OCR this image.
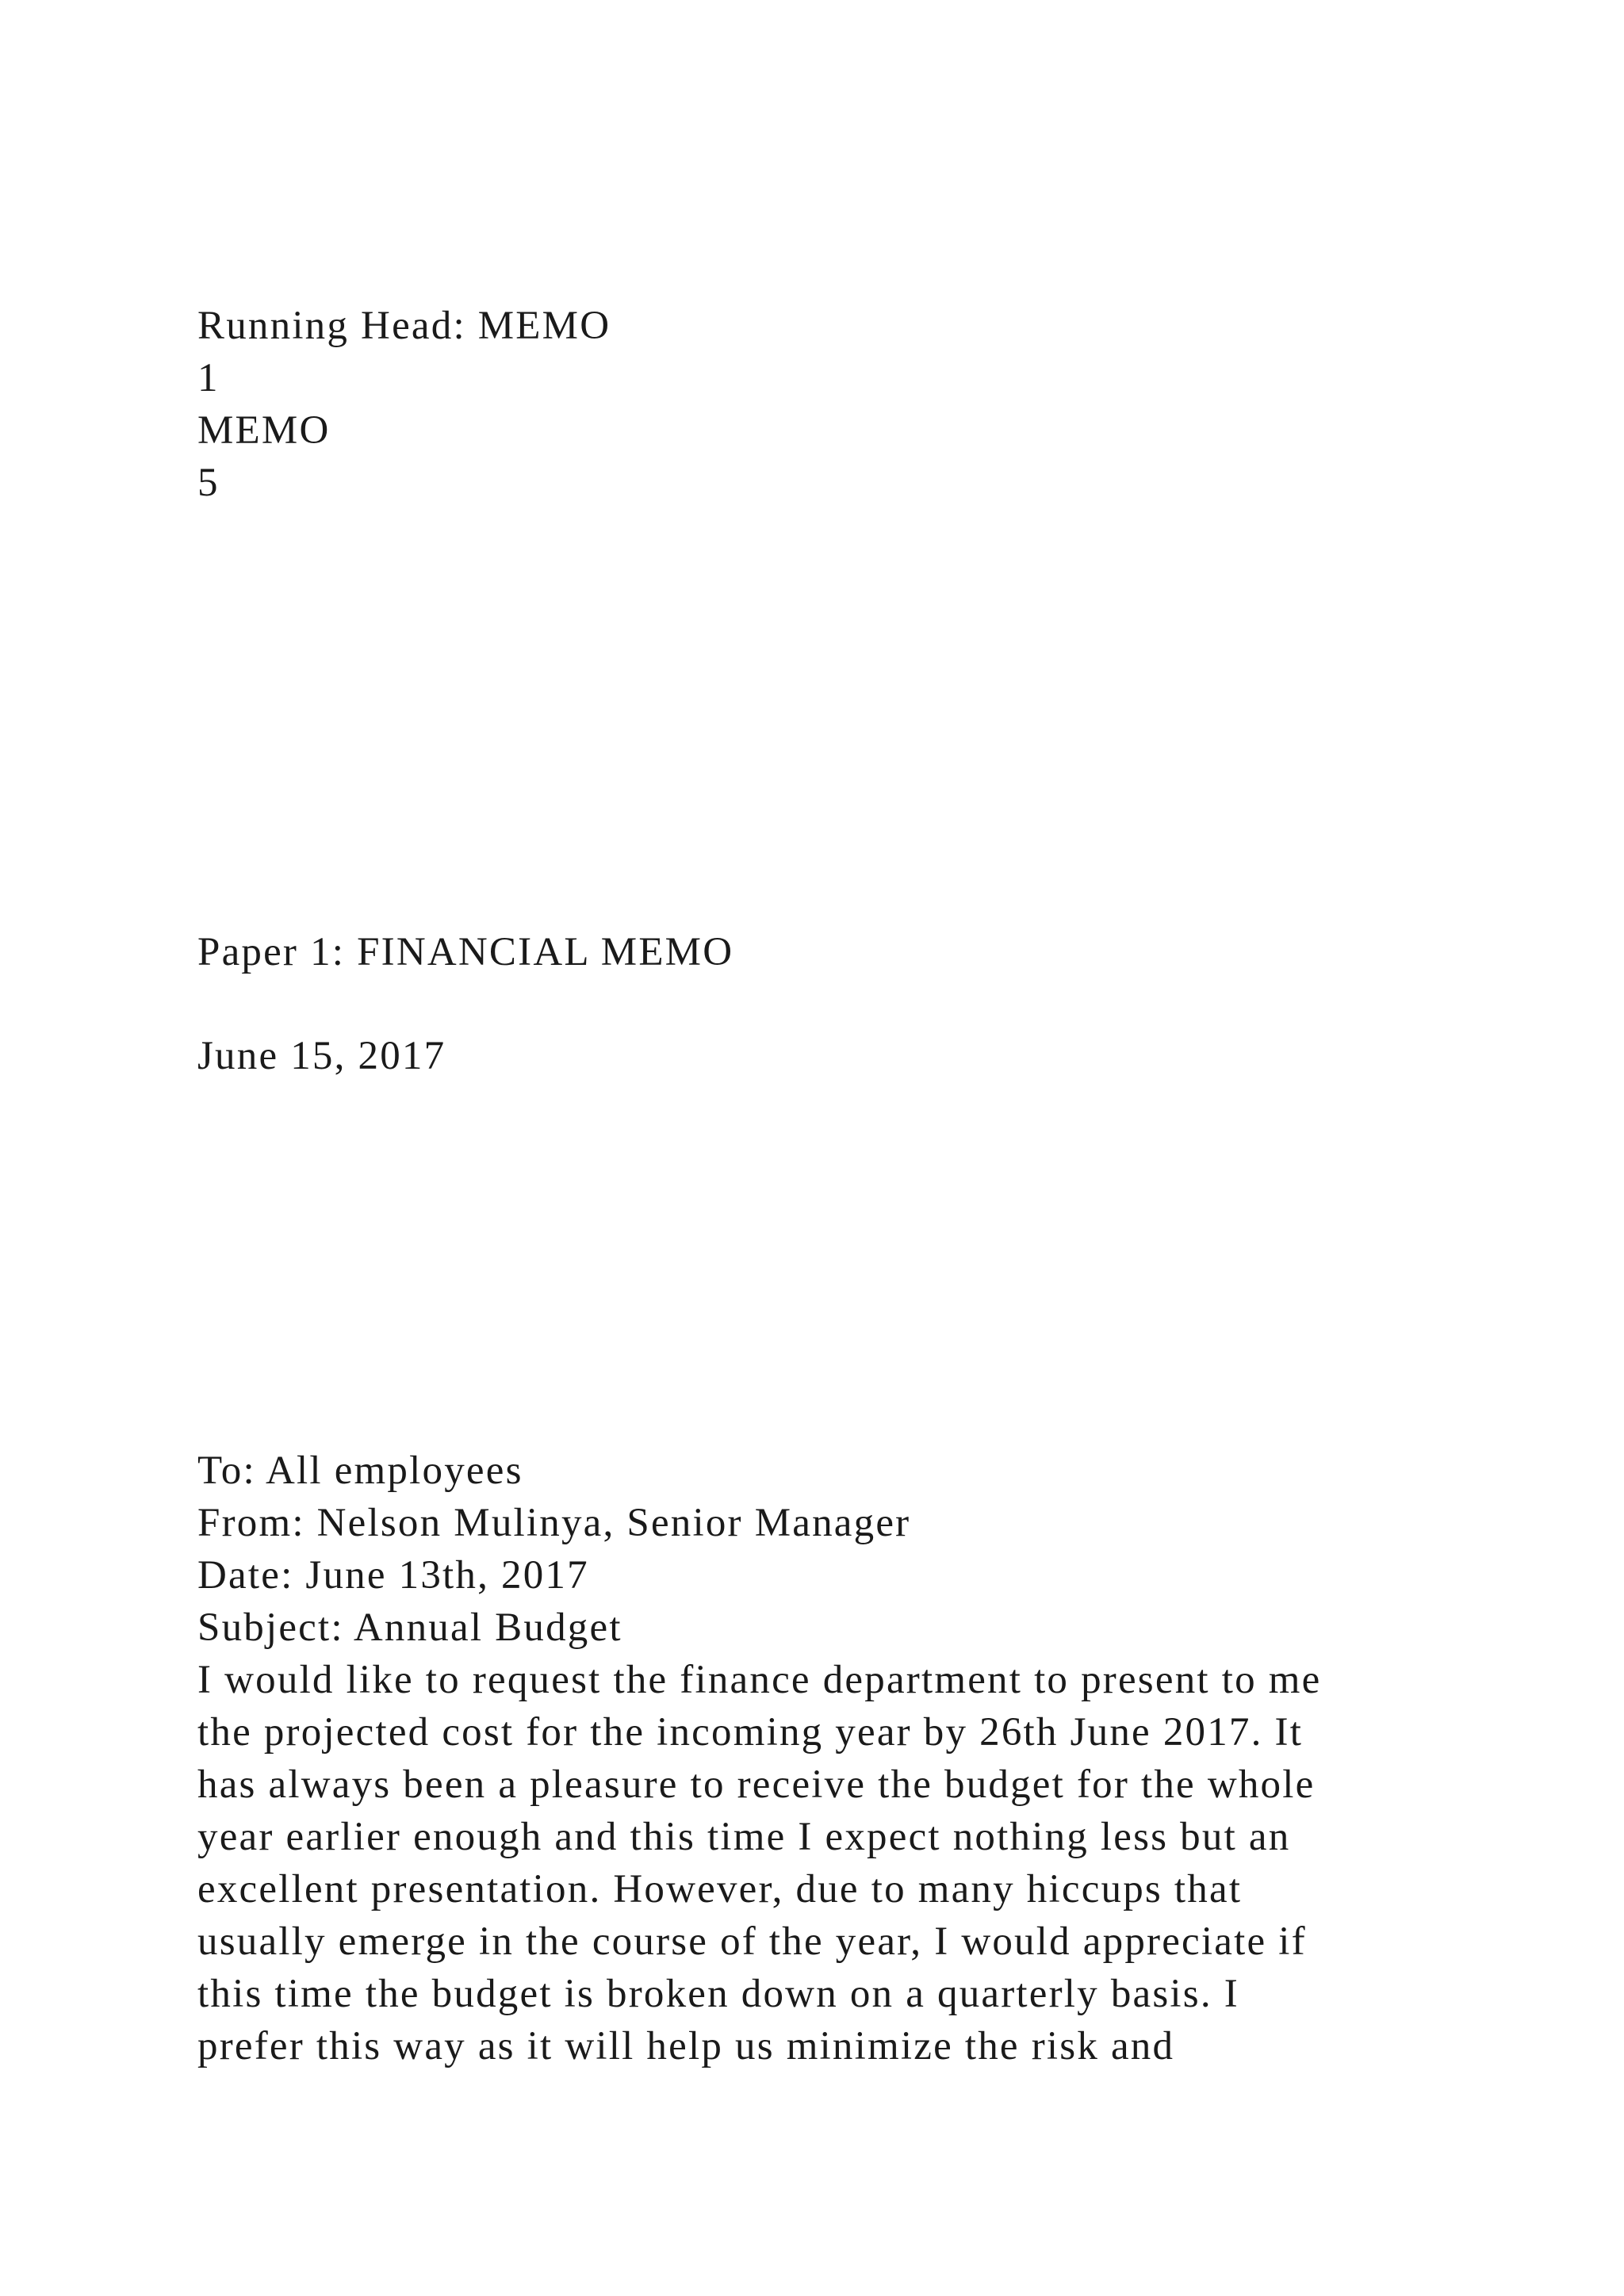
Running Head: MEMO
1
MEMO
5
Paper 1: FINANCIAL MEMO
June 15, 2017
To: All employees
From: Nelson Mulinya, Senior Manager
Date: June 13th, 2017
Subject: Annual Budget
I would like to request the finance department to present to me
the projected cost for the incoming year by 26th June 2017. It
has always been a pleasure to receive the budget for the whole
year earlier enough and this time I expect nothing less but an
excellent presentation. However, due to many hiccups that
usually emerge in the course of the year, I would appreciate if
this time the budget is broken down on a quarterly basis. I
prefer this way as it will help us minimize the risk and
